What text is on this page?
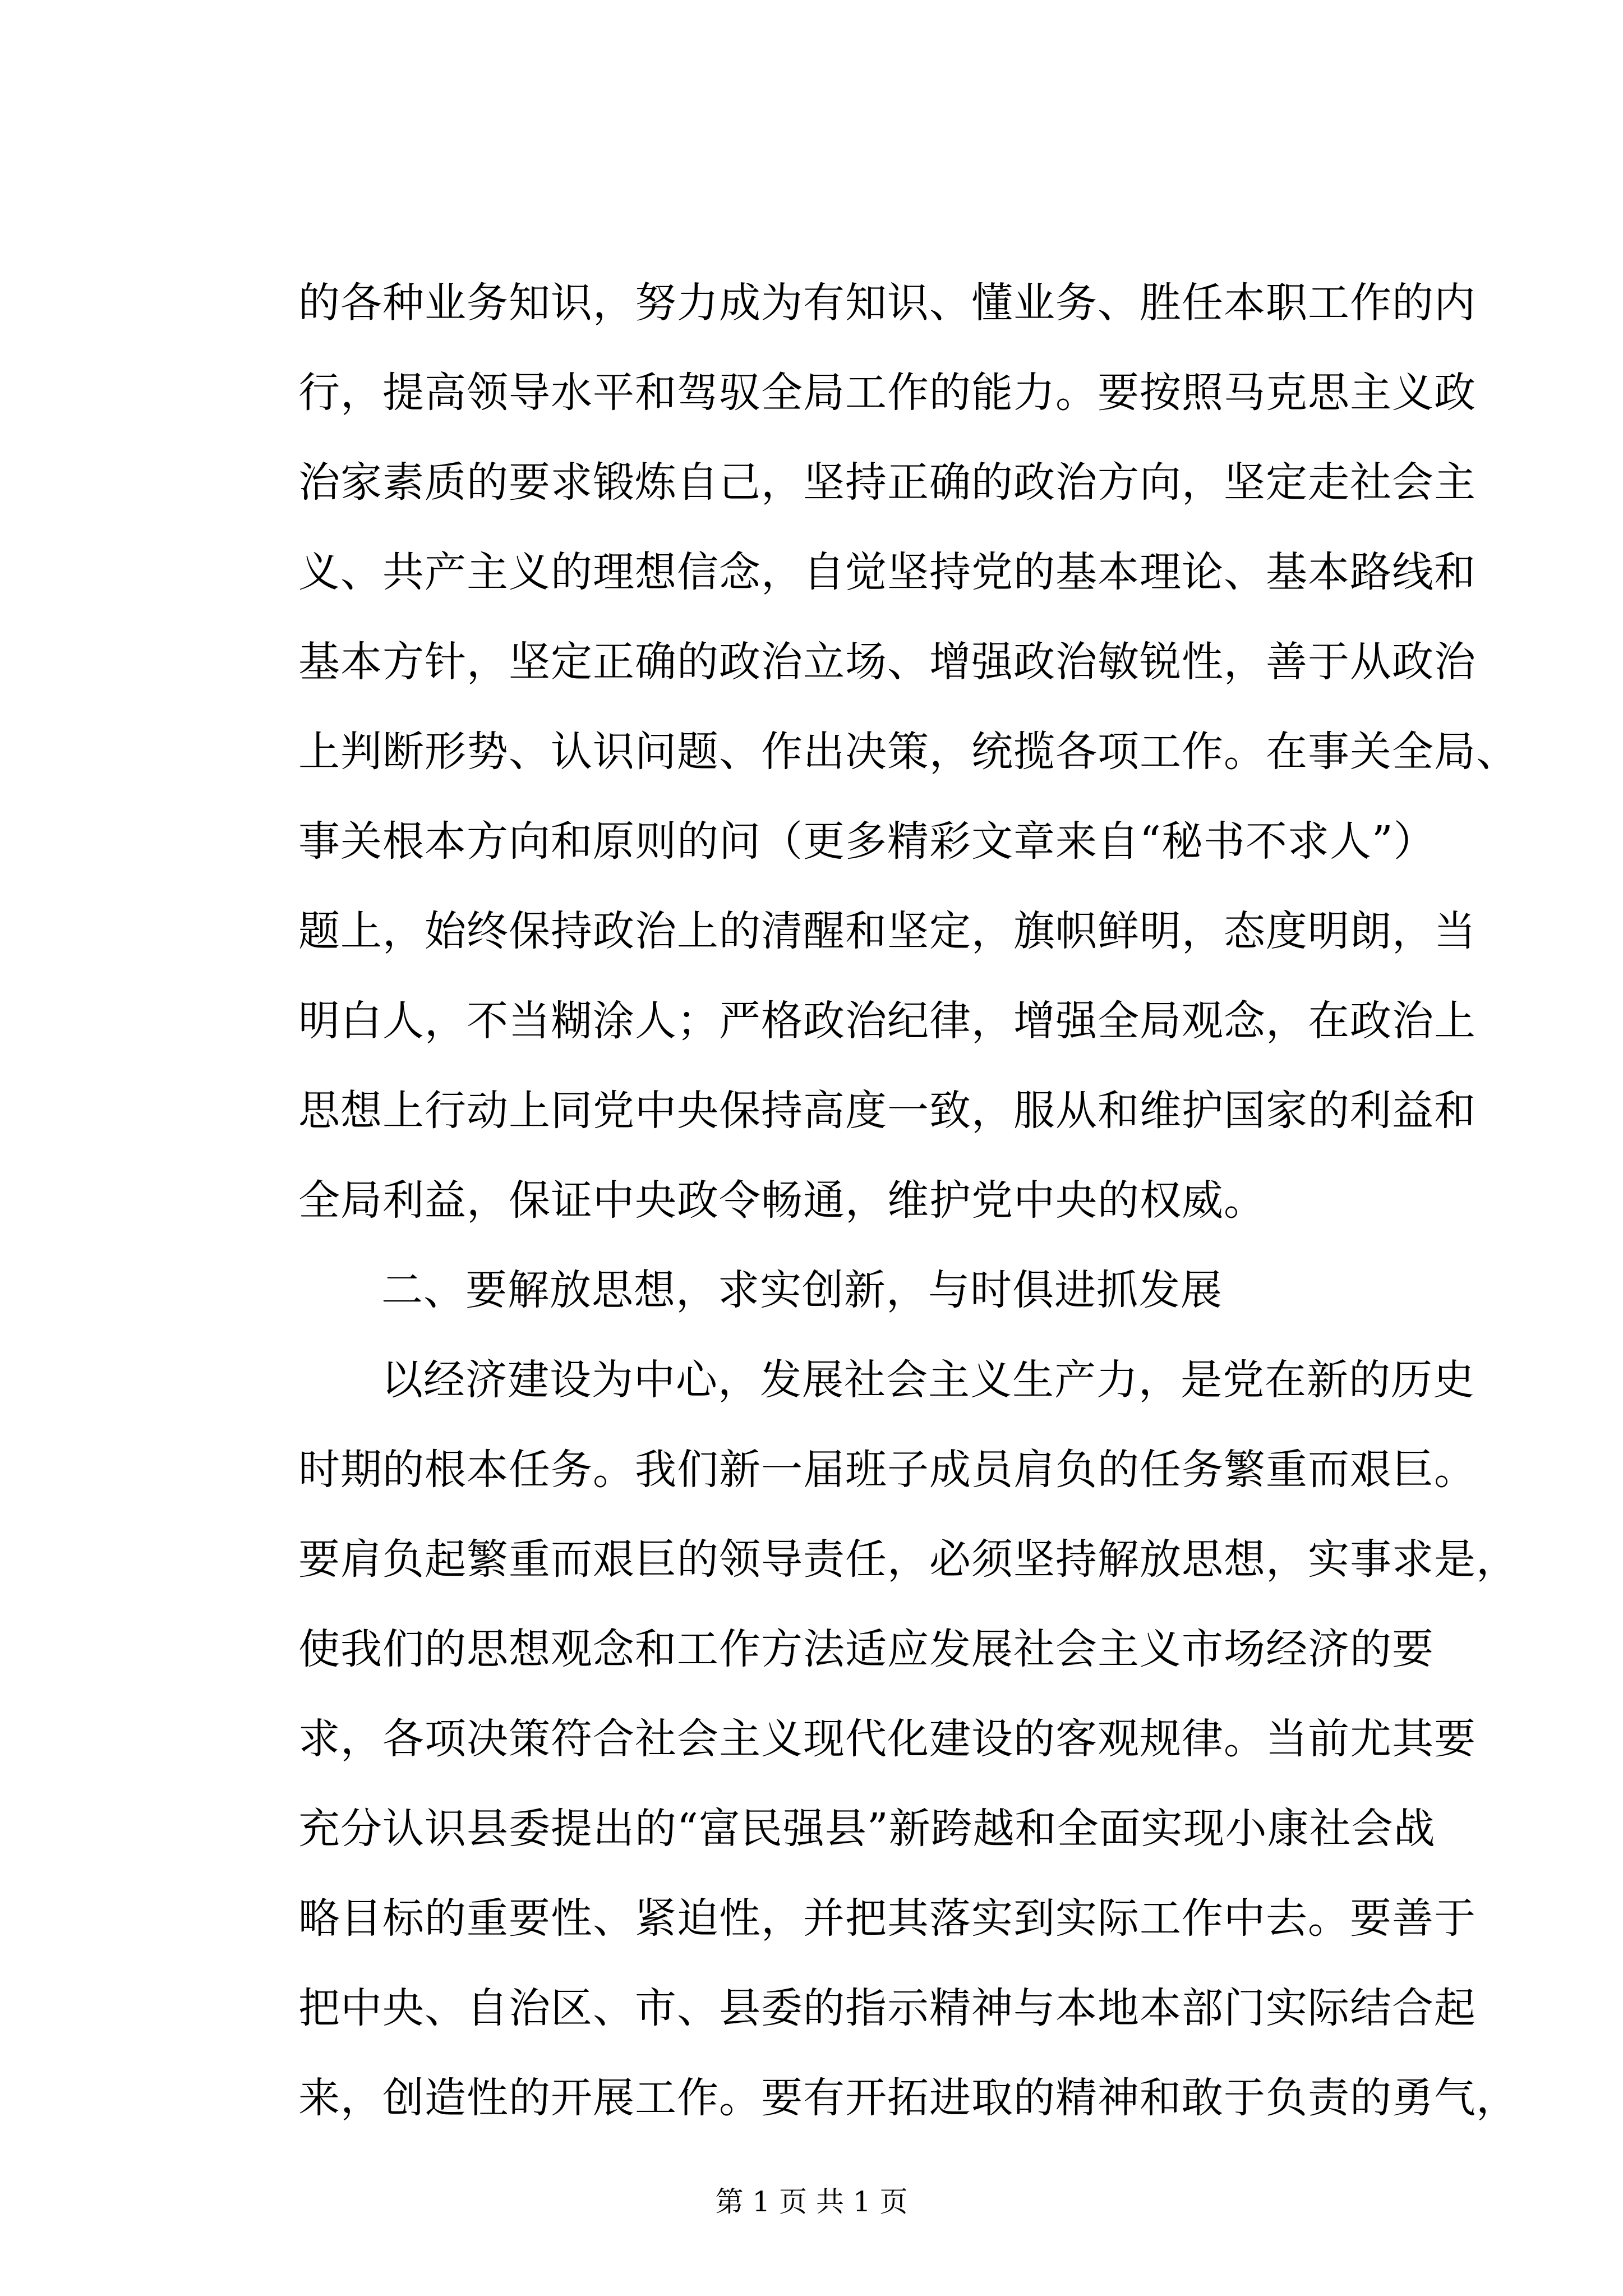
的各种业务知识，努力成为有知识、懂业务、胜任本职工作的内
行，提高领导水平和驾驭全局工作的能力。要按照马克思主义政
治家素质的要求锻炼自己，坚持正确的政治方向，坚定走社会主
义、共产主义的理想信念，自觉坚持党的基本理论、基本路线和
基本方针，坚定正确的政治立场、增强政治敏锐性，善于从政治
上判断形势、认识问题、作出决策，统揽各项工作。在事关全局、
事关根本方向和原则的问（更多精彩文章来自“秘书不求人”）
题上，始终保持政治上的清醒和坚定，旗帜鲜明，态度明朗，当
明白人，不当糊涂人；严格政治纪律，增强全局观念，在政治上
思想上行动上同党中央保持高度一致，服从和维护国家的利益和
全局利益，保证中央政令畅通，维护党中央的权威。
二、要解放思想，求实创新，与时俱进抓发展
以经济建设为中心，发展社会主义生产力，是党在新的历史
时期的根本任务。我们新一届班子成员肩负的任务繁重而艰巨。
要肩负起繁重而艰巨的领导责任，必须坚持解放思想，实事求是，
使我们的思想观念和工作方法适应发展社会主义市场经济的要
求，各项决策符合社会主义现代化建设的客观规律。当前尤其要
充分认识县委提出的“富民强县”新跨越和全面实现小康社会战
略目标的重要性、紧迫性，并把其落实到实际工作中去。要善于
把中央、自治区、市、县委的指示精神与本地本部门实际结合起
来，创造性的开展工作。要有开拓进取的精神和敢于负责的勇气，
第 1 页 共 1 页
